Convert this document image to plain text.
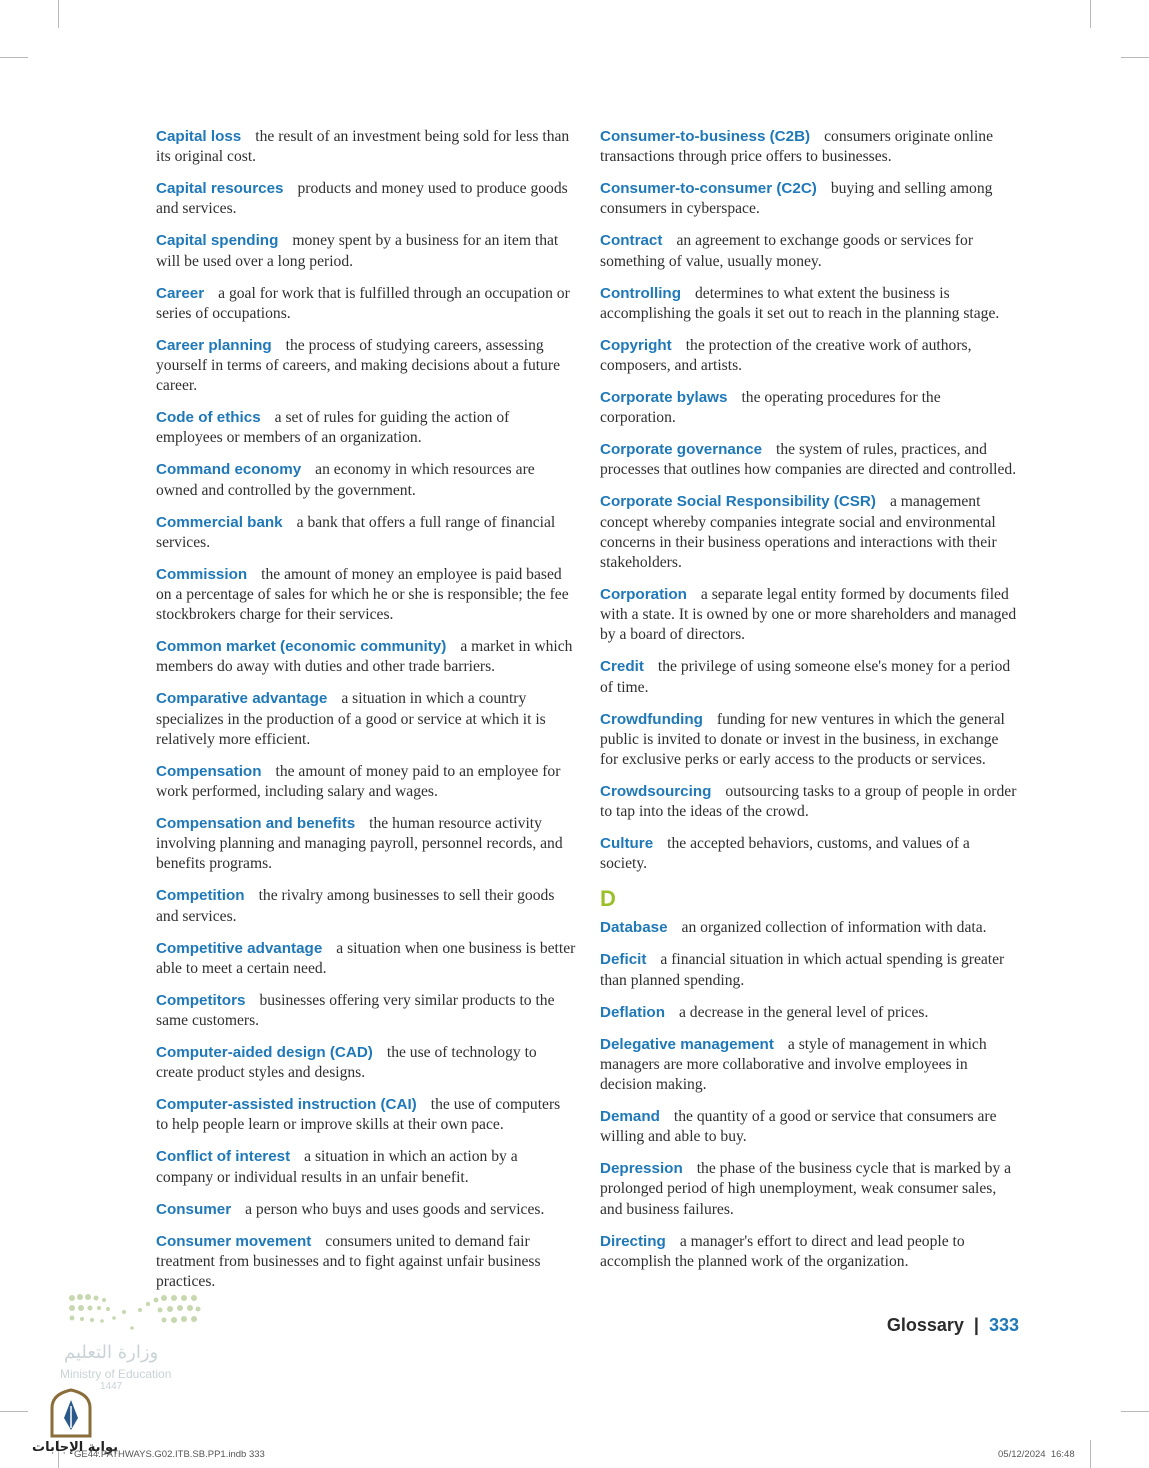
Capital loss the result of an investment being sold for less than its original cost.
Capital resources products and money used to produce goods and services.
Capital spending money spent by a business for an item that will be used over a long period.
Career a goal for work that is fulfilled through an occupation or series of occupations.
Career planning the process of studying careers, assessing yourself in terms of careers, and making decisions about a future career.
Code of ethics a set of rules for guiding the action of employees or members of an organization.
Command economy an economy in which resources are owned and controlled by the government.
Commercial bank a bank that offers a full range of financial services.
Commission the amount of money an employee is paid based on a percentage of sales for which he or she is responsible; the fee stockbrokers charge for their services.
Common market (economic community) a market in which members do away with duties and other trade barriers.
Comparative advantage a situation in which a country specializes in the production of a good or service at which it is relatively more efficient.
Compensation the amount of money paid to an employee for work performed, including salary and wages.
Compensation and benefits the human resource activity involving planning and managing payroll, personnel records, and benefits programs.
Competition the rivalry among businesses to sell their goods and services.
Competitive advantage a situation when one business is better able to meet a certain need.
Competitors businesses offering very similar products to the same customers.
Computer-aided design (CAD) the use of technology to create product styles and designs.
Computer-assisted instruction (CAI) the use of computers to help people learn or improve skills at their own pace.
Conflict of interest a situation in which an action by a company or individual results in an unfair benefit.
Consumer a person who buys and uses goods and services.
Consumer movement consumers united to demand fair treatment from businesses and to fight against unfair business practices.
Consumer-to-business (C2B) consumers originate online transactions through price offers to businesses.
Consumer-to-consumer (C2C) buying and selling among consumers in cyberspace.
Contract an agreement to exchange goods or services for something of value, usually money.
Controlling determines to what extent the business is accomplishing the goals it set out to reach in the planning stage.
Copyright the protection of the creative work of authors, composers, and artists.
Corporate bylaws the operating procedures for the corporation.
Corporate governance the system of rules, practices, and processes that outlines how companies are directed and controlled.
Corporate Social Responsibility (CSR) a management concept whereby companies integrate social and environmental concerns in their business operations and interactions with their stakeholders.
Corporation a separate legal entity formed by documents filed with a state. It is owned by one or more shareholders and managed by a board of directors.
Credit the privilege of using someone else's money for a period of time.
Crowdfunding funding for new ventures in which the general public is invited to donate or invest in the business, in exchange for exclusive perks or early access to the products or services.
Crowdsourcing outsourcing tasks to a group of people in order to tap into the ideas of the crowd.
Culture the accepted behaviors, customs, and values of a society.
D
Database an organized collection of information with data.
Deficit a financial situation in which actual spending is greater than planned spending.
Deflation a decrease in the general level of prices.
Delegative management a style of management in which managers are more collaborative and involve employees in decision making.
Demand the quantity of a good or service that consumers are willing and able to buy.
Depression the phase of the business cycle that is marked by a prolonged period of high unemployment, weak consumer sales, and business failures.
Directing a manager's effort to direct and lead people to accomplish the planned work of the organization.
Glossary | 333
وزارة التعليم
Ministry of Education
1447
بوابة الإجابات
GE44.PATHWAYS.G02.ITB.SB.PP1.indb 333	05/12/2024 16:48
